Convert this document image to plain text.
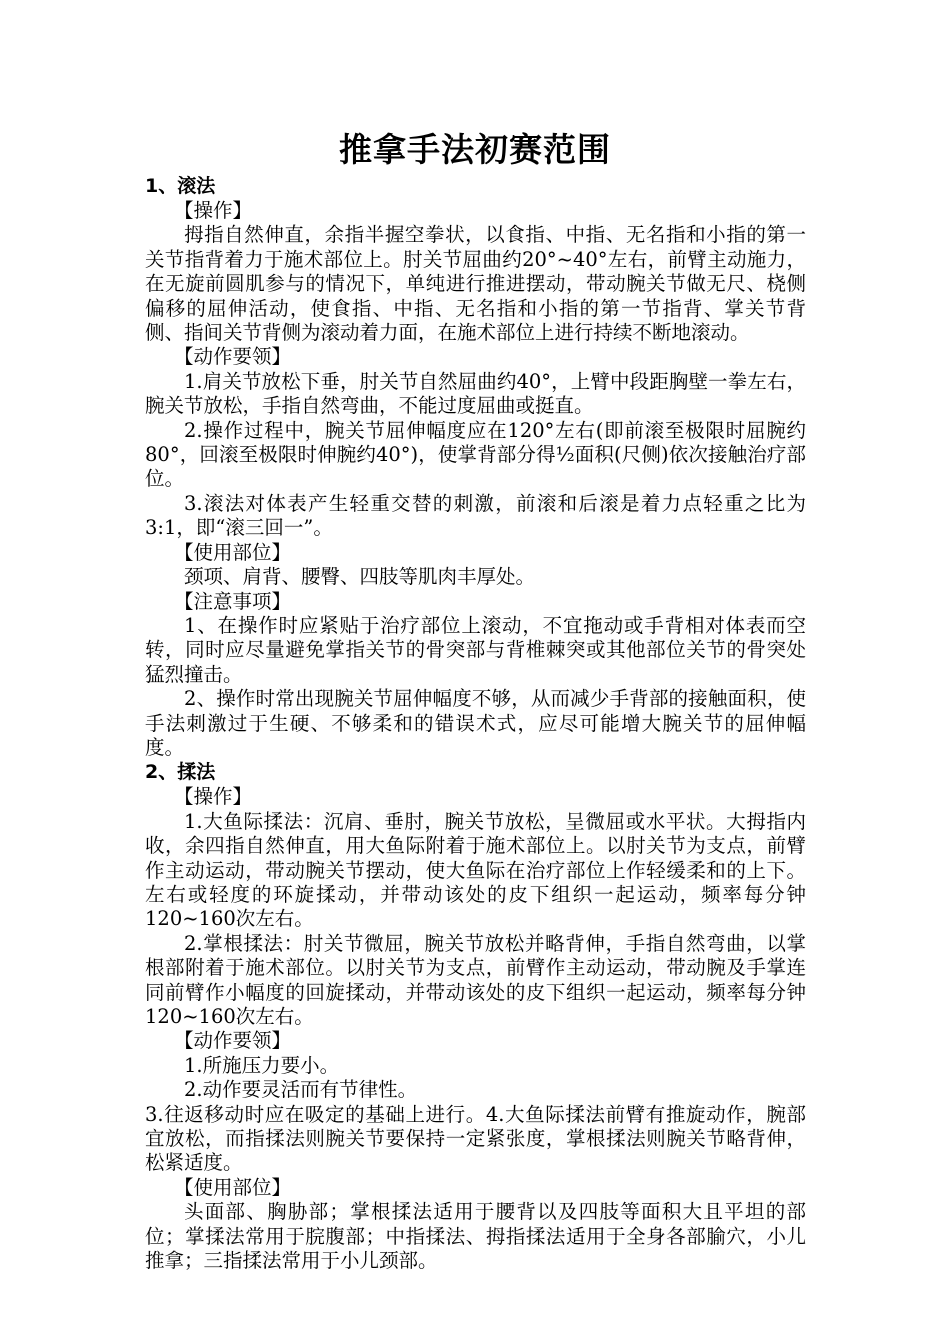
推拿手法初赛范围
1、滚法
【操作】
拇指自然伸直，余指半握空拳状，以食指、中指、无名指和小指的第一关节指背着力于施术部位上。肘关节屈曲约20°~40°左右，前臂主动施力，在无旋前圆肌参与的情况下，单纯进行推进摆动，带动腕关节做无尺、桡侧偏移的屈伸活动，使食指、中指、无名指和小指的第一节指背、掌关节背侧、指间关节背侧为滚动着力面，在施术部位上进行持续不断地滚动。
【动作要领】
1.肩关节放松下垂，肘关节自然屈曲约40°，上臂中段距胸壁一拳左右，腕关节放松，手指自然弯曲，不能过度屈曲或挺直。
2.操作过程中，腕关节屈伸幅度应在120°左右(即前滚至极限时屈腕约80°，回滚至极限时伸腕约40°)，使掌背部分得½面积(尺侧)依次接触治疗部位。
3.滚法对体表产生轻重交替的刺激，前滚和后滚是着力点轻重之比为3:1，即“滚三回一”。
【使用部位】
颈项、肩背、腰臀、四肢等肌肉丰厚处。
【注意事项】
1、在操作时应紧贴于治疗部位上滚动，不宜拖动或手背相对体表而空转，同时应尽量避免掌指关节的骨突部与背椎棘突或其他部位关节的骨突处猛烈撞击。
2、操作时常出现腕关节屈伸幅度不够，从而减少手背部的接触面积，使手法刺激过于生硬、不够柔和的错误术式，应尽可能增大腕关节的屈伸幅度。
2、揉法
【操作】
1.大鱼际揉法：沉肩、垂肘，腕关节放松，呈微屈或水平状。大拇指内收，余四指自然伸直，用大鱼际附着于施术部位上。以肘关节为支点，前臂作主动运动，带动腕关节摆动，使大鱼际在治疗部位上作轻缓柔和的上下。左右或轻度的环旋揉动，并带动该处的皮下组织一起运动，频率每分钟120~160次左右。
2.掌根揉法：肘关节微屈，腕关节放松并略背伸，手指自然弯曲，以掌根部附着于施术部位。以肘关节为支点，前臂作主动运动，带动腕及手掌连同前臂作小幅度的回旋揉动，并带动该处的皮下组织一起运动，频率每分钟120~160次左右。
【动作要领】
1.所施压力要小。
2.动作要灵活而有节律性。
3.往返移动时应在吸定的基础上进行。4.大鱼际揉法前臂有推旋动作，腕部宜放松，而指揉法则腕关节要保持一定紧张度，掌根揉法则腕关节略背伸，松紧适度。
【使用部位】
头面部、胸胁部；掌根揉法适用于腰背以及四肢等面积大且平坦的部位；掌揉法常用于脘腹部；中指揉法、拇指揉法适用于全身各部腧穴，小儿推拿；三指揉法常用于小儿颈部。
